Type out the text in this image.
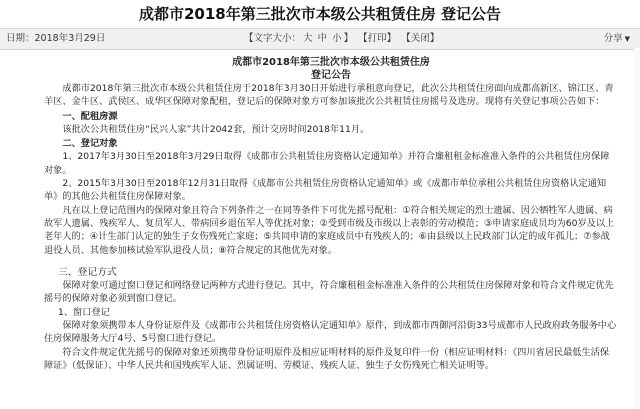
成都市2018年第三批次市本级公共租赁住房 登记公告
日期：2018年3月29日	【文字大小： 大 中 小 】 【打印】 【关闭】	分享 ▼

成都市2018年第三批次市本级公共租赁住房

登记公告

成都市2018年第三批次市本级公共租赁住房于2018年3月30日开始进行承租意向登记，此次公共租赁住房面向成都高新区、锦江区、青羊区、金牛区、武侯区、成华区保障对象配租，登记后的保障对象方可参加该批次公共租赁住房摇号及选房。现将有关登记事项公告如下：

一、配租房源

该批次公共租赁住房“民兴人家”共计2042套，预计交房时间2018年11月。

二、登记对象

1、2017年3月30日至2018年3月29日取得《成都市公共租赁住房资格认定通知单》并符合廉租租金标准准入条件的公共租赁住房保障对象。

2、2015年3月30日至2018年12月31日取得《成都市公共租赁住房资格认定通知单》或《成都市单位承租公共租赁住房资格认定通知单》的其他公共租赁住房保障对象。

凡在以上登记范围内的保障对象且符合下列条件之一在同等条件下可优先摇号配租：①符合相关规定的烈士遗属、因公牺牲军人遗属、病故军人遗属、残疾军人、复员军人、带病回乡退伍军人等优抚对象；②受到市级及市级以上表彰的劳动模范；③申请家庭成员均为60岁及以上老年人的；④计生部门认定的独生子女伤残死亡家庭；⑤共同申请的家庭成员中有残疾人的；⑥由县级以上民政部门认定的成年孤儿；⑦参战退役人员、其他参加核试验军队退役人员；⑧符合规定的其他优先对象。

三、登记方式

保障对象可通过窗口登记和网络登记两种方式进行登记。其中，符合廉租租金标准准入条件的公共租赁住房保障对象和符合文件规定优先摇号的保障对象必须到窗口登记。

1、窗口登记

保障对象须携带本人身份证原件及《成都市公共租赁住房资格认定通知单》原件，到成都市西御河沿街33号成都市人民政府政务服务中心住房保障服务大厅4号、5号窗口进行登记。

符合文件规定优先摇号的保障对象还须携带身份证明原件及相应证明材料的原件及复印件一份（相应证明材料：《四川省居民最低生活保障证》（低保证）、中华人民共和国残疾军人证、烈属证明、劳模证、残疾人证、独生子女伤残死亡相关证明等。
